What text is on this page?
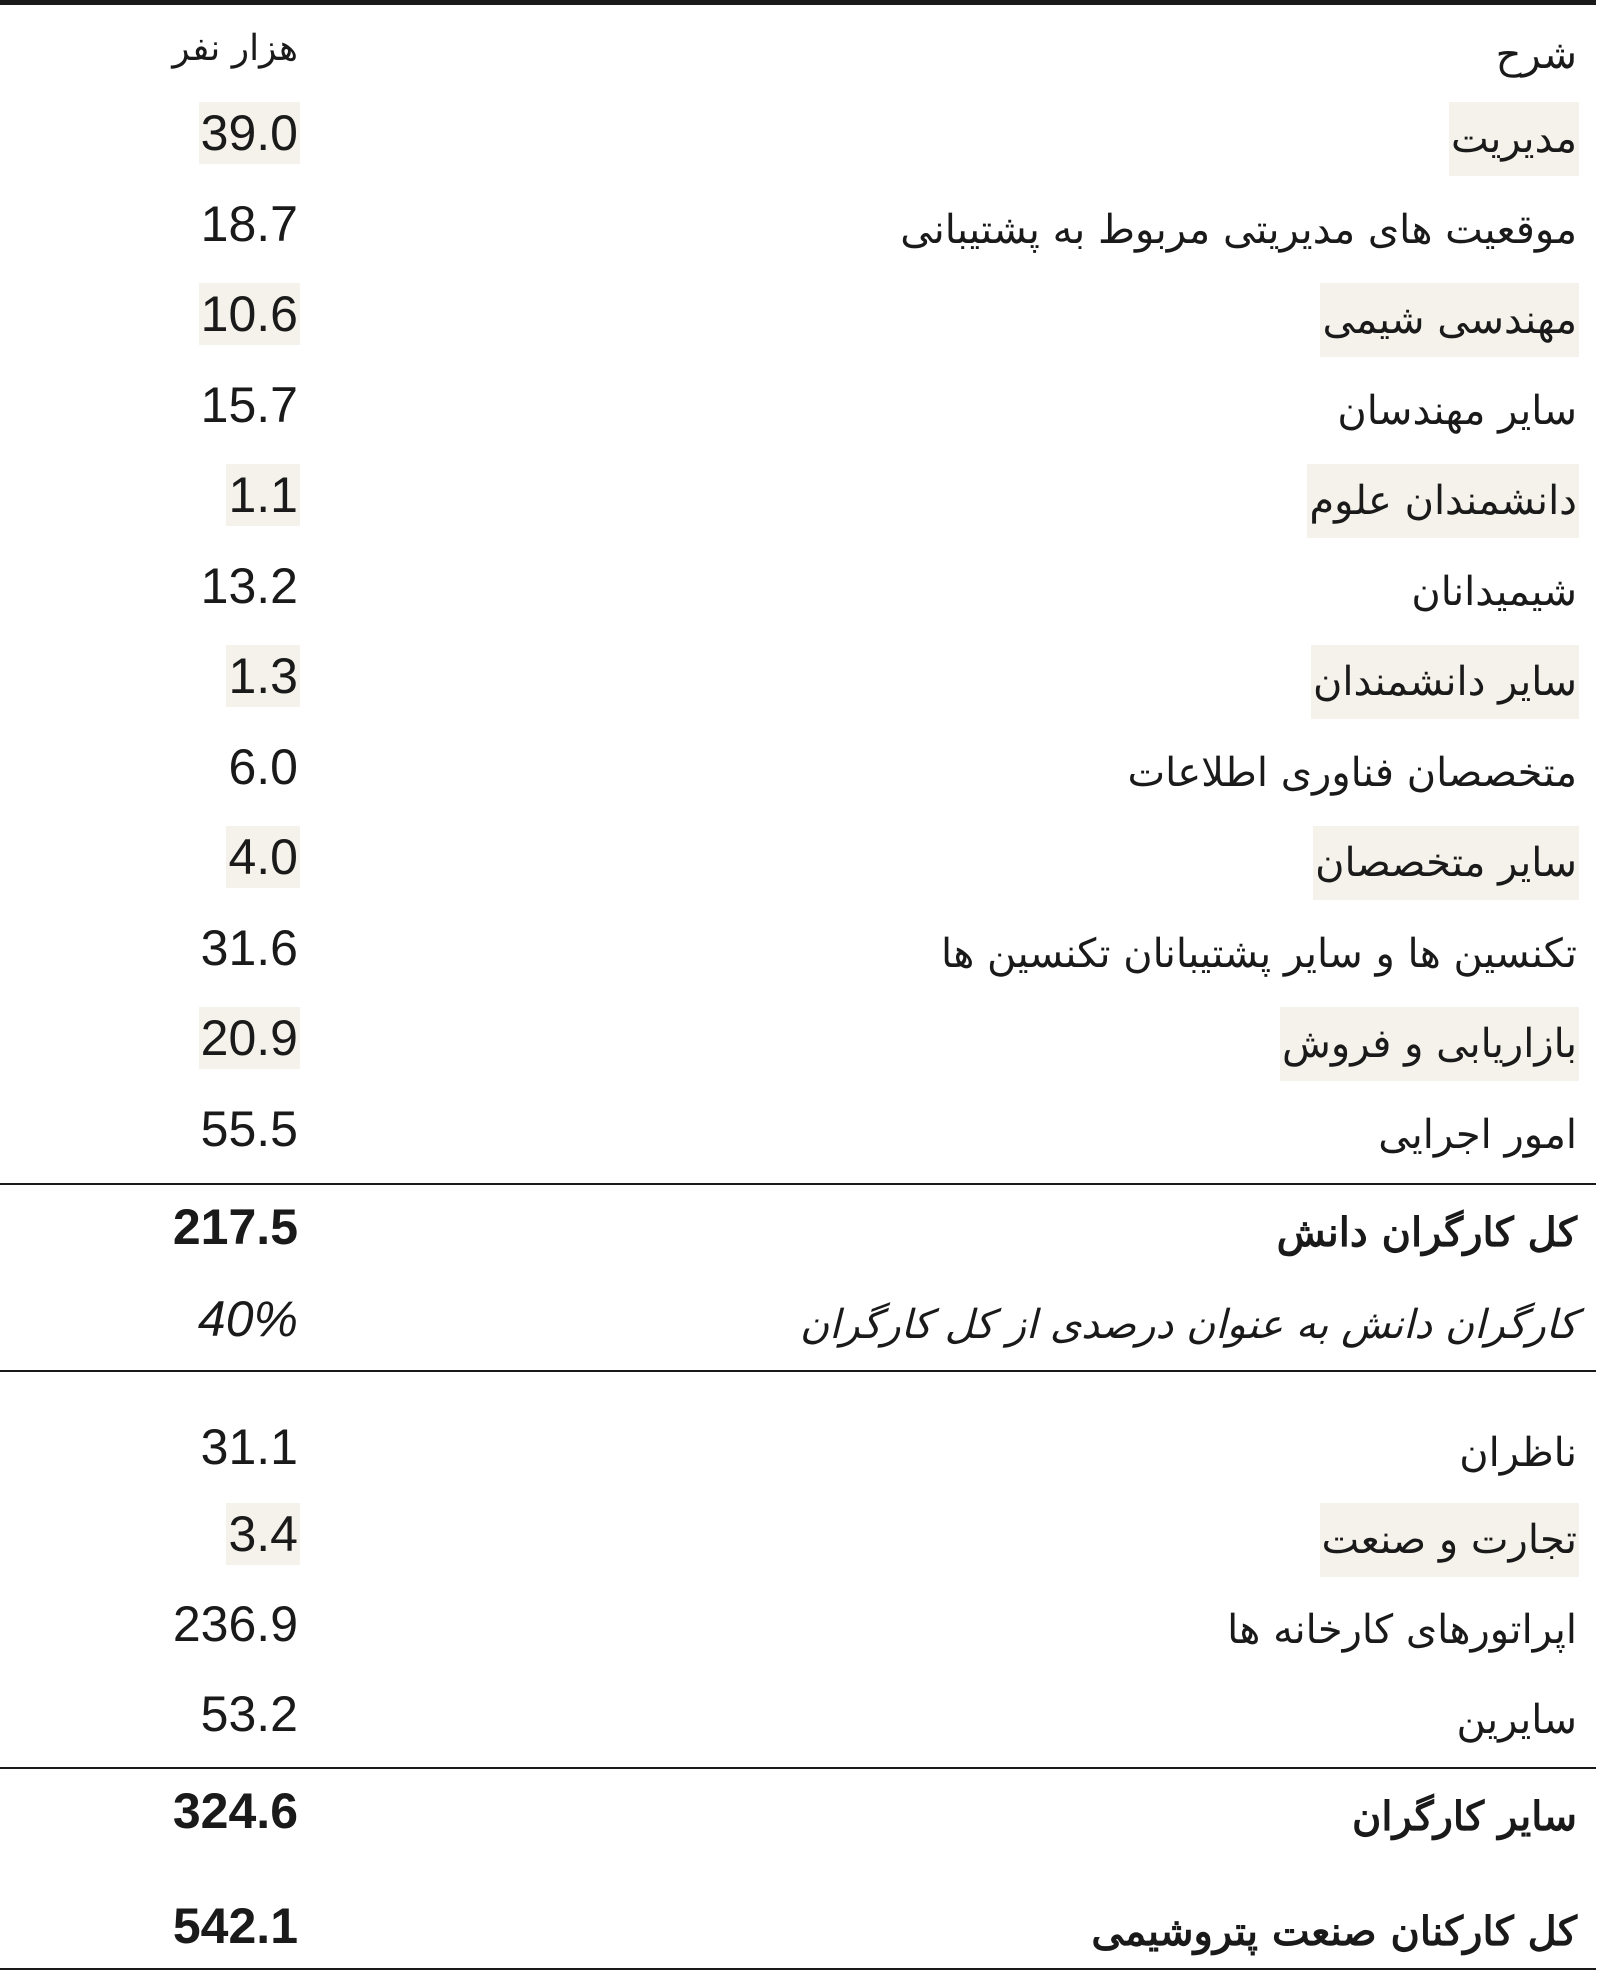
شرح
هزار نفر
مدیریت
39.0
موقعیت های مدیریتی مربوط به پشتیبانی
18.7
مهندسی شیمی
10.6
سایر مهندسان
15.7
دانشمندان علوم
1.1
شیمیدانان
13.2
سایر دانشمندان
1.3
متخصصان فناوری اطلاعات
6.0
سایر متخصصان
4.0
تکنسین ها و سایر پشتیبانان تکنسین ها
31.6
بازاریابی و فروش
20.9
امور اجرایی
55.5
کل کارگران دانش
217.5
کارگران دانش به عنوان درصدی از کل کارگران
40%
ناظران
31.1
تجارت و صنعت
3.4
اپراتورهای کارخانه ها
236.9
سایرین
53.2
سایر کارگران
324.6
کل کارکنان صنعت پتروشیمی
542.1
